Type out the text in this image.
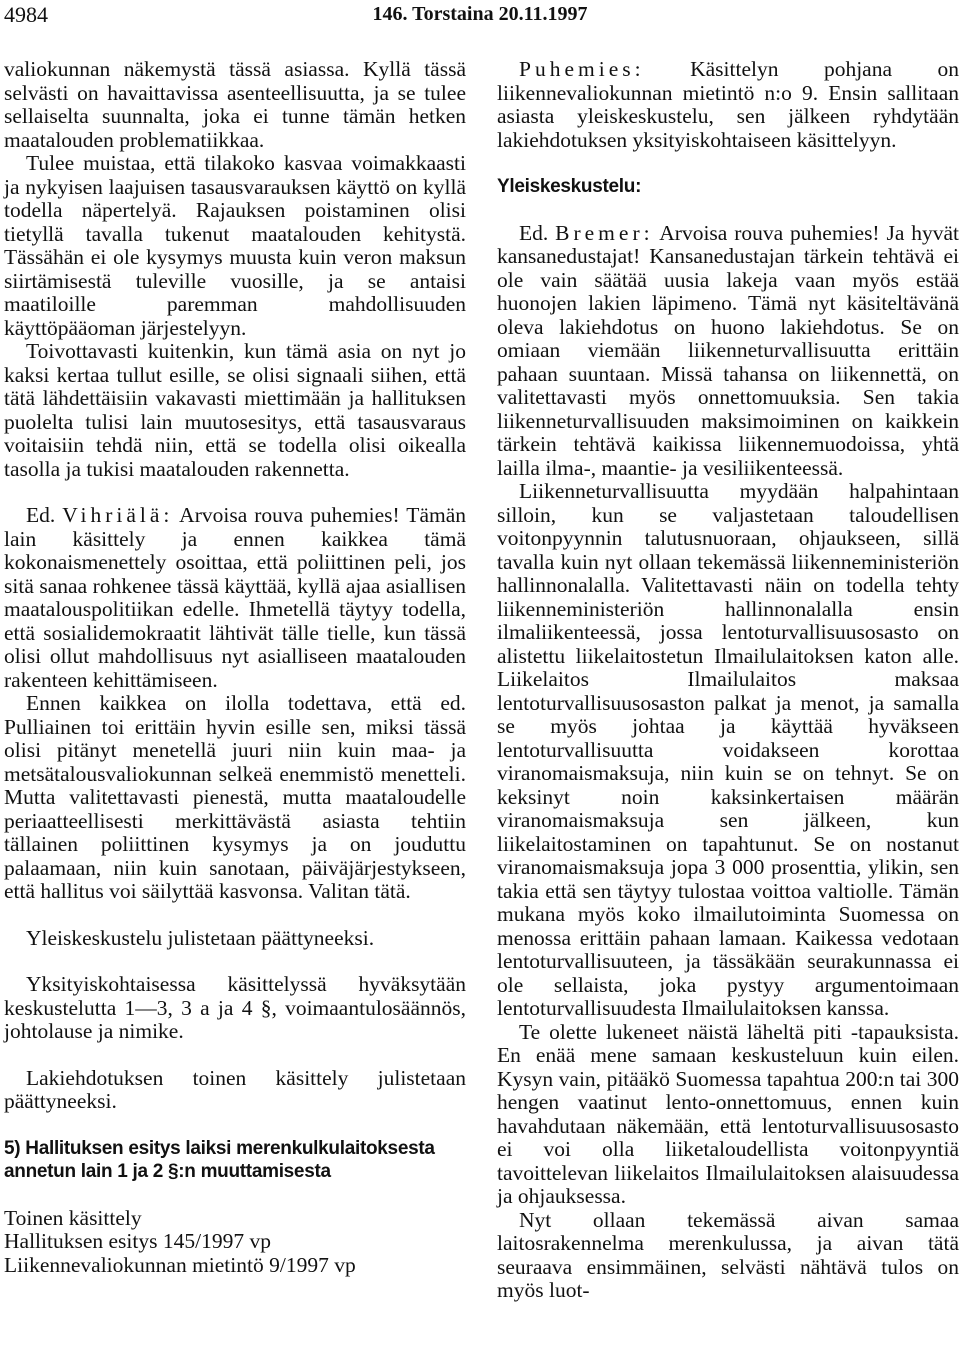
4984	146. Torstaina 20.11.1997

valiokunnan näkemystä tässä asiassa. Kyllä tässä selvästi on havaittavissa asenteellisuutta, ja se tulee sellaiselta suunnalta, joka ei tunne tämän hetken maatalouden problematiikkaa.

Tulee muistaa, että tilakoko kasvaa voimakkaasti ja nykyisen laajuisen tasausvarauksen käyttö on kyllä todella näpertelyä. Rajauksen poistaminen olisi tietyllä tavalla tukenut maatalouden kehitystä. Tässähän ei ole kysymys muusta kuin veron maksun siirtämisestä tuleville vuosille, ja se antaisi maatiloille paremman mahdollisuuden käyttöpääoman järjestelyyn.

Toivottavasti kuitenkin, kun tämä asia on nyt jo kaksi kertaa tullut esille, se olisi signaali siihen, että tätä lähdettäisiin vakavasti miettimään ja hallituksen puolelta tulisi lain muutosesitys, että tasausvaraus voitaisiin tehdä niin, että se todella olisi oikealla tasolla ja tukisi maatalouden rakennetta.

Ed. Vihriälä: Arvoisa rouva puhemies! Tämän lain käsittely ja ennen kaikkea tämä kokonaismenettely osoittaa, että poliittinen peli, jos sitä sanaa rohkenee tässä käyttää, kyllä ajaa asiallisen maatalouspolitiikan edelle. Ihmetellä täytyy todella, että sosialidemokraatit lähtivät tälle tielle, kun tässä olisi ollut mahdollisuus nyt asialliseen maatalouden rakenteen kehittämiseen.

Ennen kaikkea on ilolla todettava, että ed. Pulliainen toi erittäin hyvin esille sen, miksi tässä olisi pitänyt menetellä juuri niin kuin maa- ja metsätalousvaliokunnan selkeä enemmistö menetteli. Mutta valitettavasti pienestä, mutta maataloudelle periaatteellisesti merkittävästä asiasta tehtiin tällainen poliittinen kysymys ja on jouduttu palaamaan, niin kuin sanotaan, päiväjärjestykseen, että hallitus voi säilyttää kasvonsa. Valitan tätä.

Yleiskeskustelu julistetaan päättyneeksi.

Yksityiskohtaisessa käsittelyssä hyväksytään keskustelutta 1—3, 3 a ja 4 §, voimaantulosäännös, johtolause ja nimike.

Lakiehdotuksen toinen käsittely julistetaan päättyneeksi.

5) Hallituksen esitys laiksi merenkulkulaitoksesta annetun lain 1 ja 2 §:n muuttamisesta

Toinen käsittely

Hallituksen esitys 145/1997 vp

Liikennevaliokunnan mietintö 9/1997 vp

Puhemies: Käsittelyn pohjana on liikennevaliokunnan mietintö n:o 9. Ensin sallitaan asiasta yleiskeskustelu, sen jälkeen ryhdytään lakiehdotuksen yksityiskohtaiseen käsittelyyn.

Yleiskeskustelu:

Ed. Bremer: Arvoisa rouva puhemies! Ja hyvät kansanedustajat! Kansanedustajan tärkein tehtävä ei ole vain säätää uusia lakeja vaan myös estää huonojen lakien läpimeno. Tämä nyt käsiteltävänä oleva lakiehdotus on huono lakiehdotus. Se on omiaan viemään liikenneturvallisuutta erittäin pahaan suuntaan. Missä tahansa on liikennettä, on valitettavasti myös onnettomuuksia. Sen takia liikenneturvallisuuden maksimoiminen on kaikkein tärkein tehtävä kaikissa liikennemuodoissa, yhtä lailla ilma-, maantie- ja vesiliikenteessä.

Liikenneturvallisuutta myydään halpahintaan silloin, kun se valjastetaan taloudellisen voitonpyynnin talutusnuoraan, ohjaukseen, sillä tavalla kuin nyt ollaan tekemässä liikenneministeriön hallinnonalalla. Valitettavasti näin on todella tehty liikenneministeriön hallinnonalalla ensin ilmaliikenteessä, jossa lentoturvallisuusosasto on alistettu liikelaitostetun Ilmailulaitoksen katon alle. Liikelaitos Ilmailulaitos maksaa lentoturvallisuusosaston palkat ja menot, ja samalla se myös johtaa ja käyttää hyväkseen lentoturvallisuutta voidakseen korottaa viranomaismaksuja, niin kuin se on tehnyt. Se on keksinyt noin kaksinkertaisen määrän viranomaismaksuja sen jälkeen, kun liikelaitostaminen on tapahtunut. Se on nostanut viranomaismaksuja jopa 3 000 prosenttia, ylikin, sen takia että sen täytyy tulostaa voittoa valtiolle. Tämän mukana myös koko ilmailutoiminta Suomessa on menossa erittäin pahaan lamaan. Kaikessa vedotaan lentoturvallisuuteen, ja tässäkään seurakunnassa ei ole sellaista, joka pystyy argumentoimaan lentoturvallisuudesta Ilmailulaitoksen kanssa.

Te olette lukeneet näistä läheltä piti -tapauksista. En enää mene samaan keskusteluun kuin eilen. Kysyn vain, pitääkö Suomessa tapahtua 200:n tai 300 hengen vaatinut lento-onnettomuus, ennen kuin havahdutaan näkemään, että lentoturvallisuusosasto ei voi olla liiketaloudellista voitonpyyntiä tavoittelevan liikelaitos Ilmailulaitoksen alaisuudessa ja ohjauksessa.

Nyt ollaan tekemässä aivan samaa laitosrakennelma merenkulussa, ja aivan tätä seuraava ensimmäinen, selvästi nähtävä tulos on myös luot-
